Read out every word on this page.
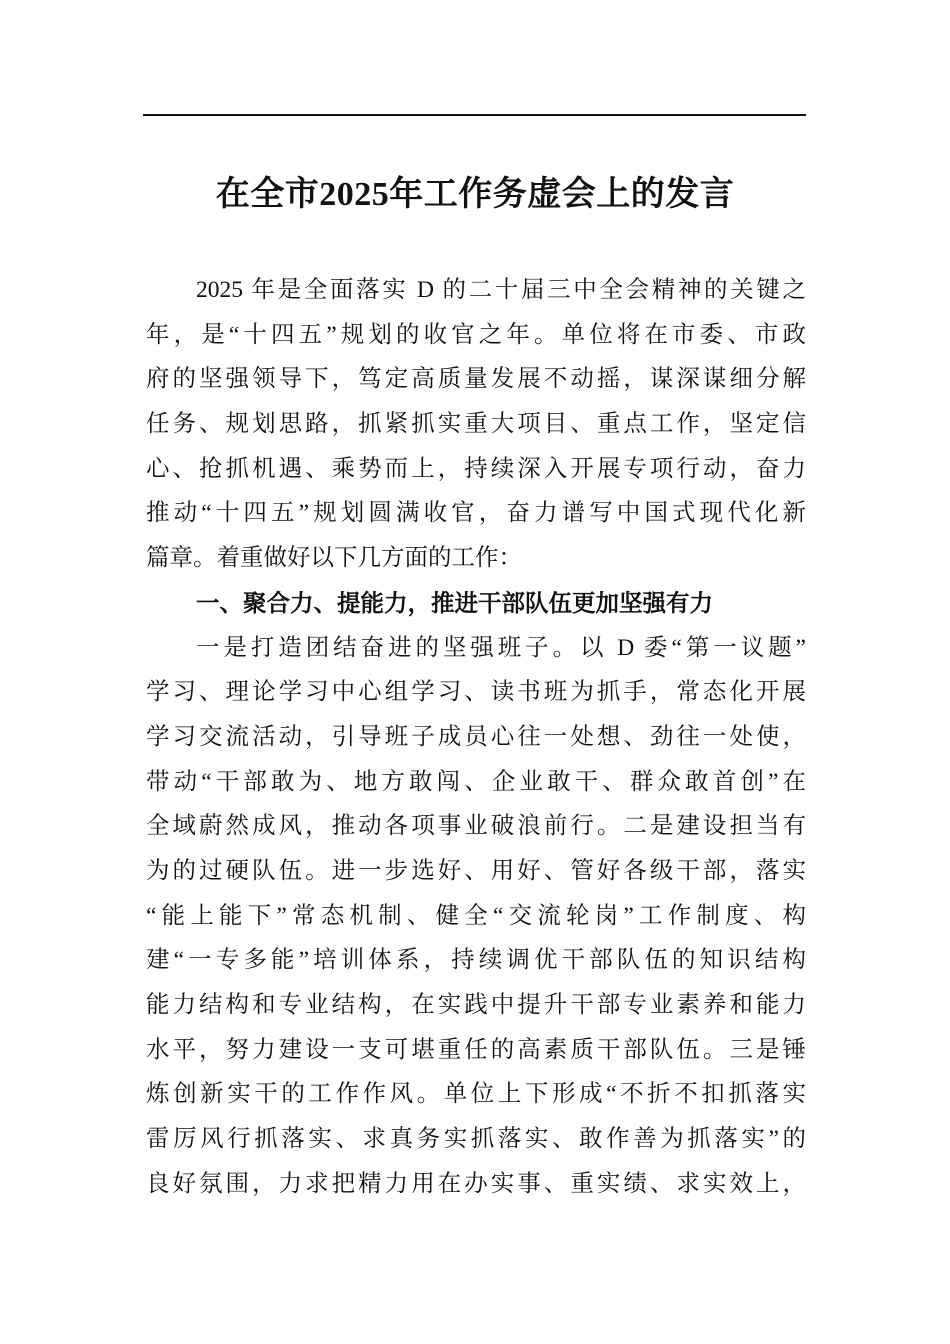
在全市2025年工作务虚会上的发言
2025 年是全面落实 D 的二十届三中全会精神的关键之
年，是“十四五”规划的收官之年。单位将在市委、市政
府的坚强领导下，笃定高质量发展不动摇，谋深谋细分解
任务、规划思路，抓紧抓实重大项目、重点工作，坚定信
心、抢抓机遇、乘势而上，持续深入开展专项行动，奋力
推动“十四五”规划圆满收官，奋力谱写中国式现代化新
篇章。着重做好以下几方面的工作：
一、聚合力、提能力，推进干部队伍更加坚强有力
一是打造团结奋进的坚强班子。以 D 委“第一议题”
学习、理论学习中心组学习、读书班为抓手，常态化开展
学习交流活动，引导班子成员心往一处想、劲往一处使，
带动“干部敢为、地方敢闯、企业敢干、群众敢首创”在
全域蔚然成风，推动各项事业破浪前行。二是建设担当有
为的过硬队伍。进一步选好、用好、管好各级干部，落实
“能上能下”常态机制、健全“交流轮岗”工作制度、构
建“一专多能”培训体系，持续调优干部队伍的知识结构
能力结构和专业结构，在实践中提升干部专业素养和能力
水平，努力建设一支可堪重任的高素质干部队伍。三是锤
炼创新实干的工作作风。单位上下形成“不折不扣抓落实
雷厉风行抓落实、求真务实抓落实、敢作善为抓落实”的
良好氛围，力求把精力用在办实事、重实绩、求实效上，
